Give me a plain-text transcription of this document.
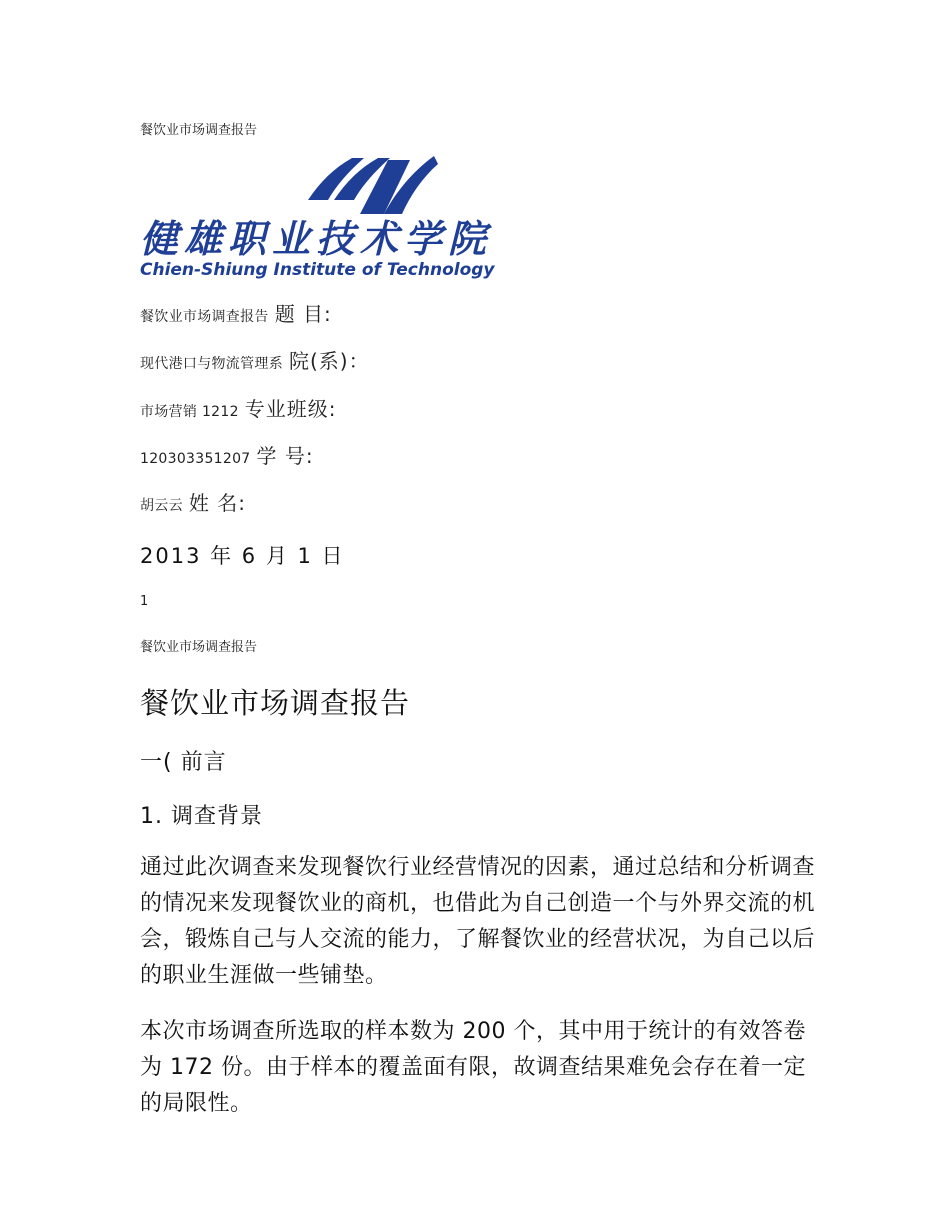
餐饮业市场调查报告
健雄职业技术学院
Chien-Shiung Institute of Technology
餐饮业市场调查报告 题 目:
现代港口与物流管理系 院(系)：
市场营销 1212 专业班级:
120303351207 学 号:
胡云云 姓 名:
2013 年 6 月 1 日
1
餐饮业市场调查报告
餐饮业市场调查报告
一( 前言
1. 调查背景
通过此次调查来发现餐饮行业经营情况的因素，通过总结和分析调查的情况来发现餐饮业的商机，也借此为自己创造一个与外界交流的机会，锻炼自己与人交流的能力，了解餐饮业的经营状况，为自己以后的职业生涯做一些铺垫。
本次市场调查所选取的样本数为 200 个，其中用于统计的有效答卷为 172 份。由于样本的覆盖面有限，故调查结果难免会存在着一定的局限性。
